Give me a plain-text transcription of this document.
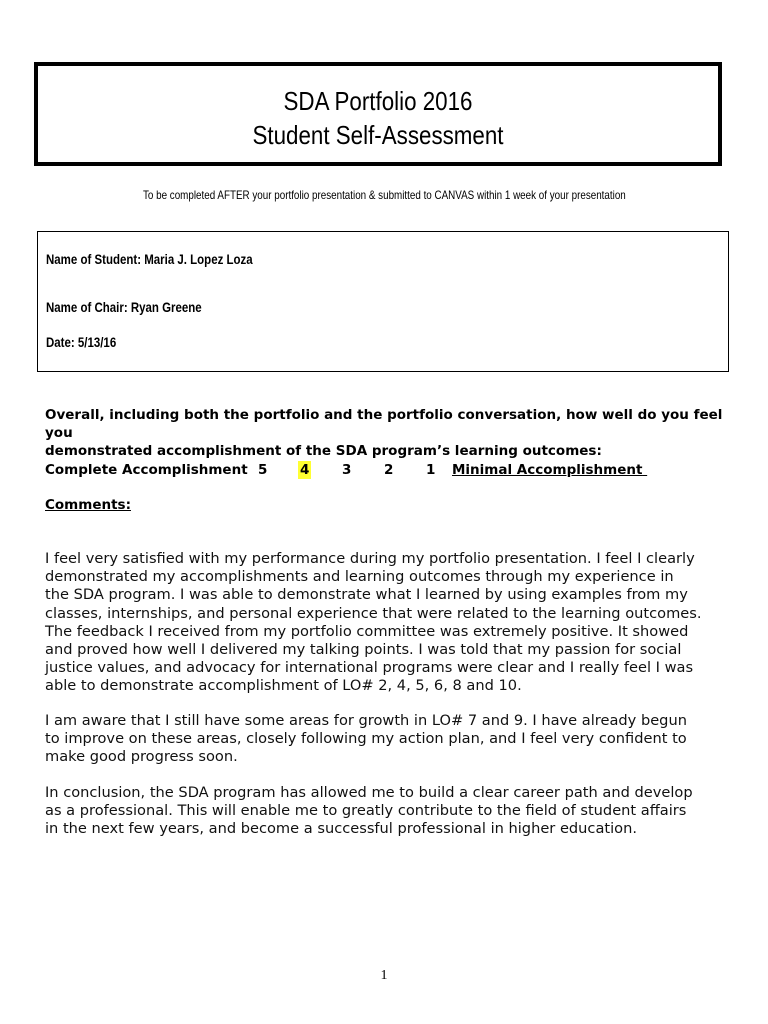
SDA Portfolio 2016
Student Self-Assessment
To be completed AFTER your portfolio presentation & submitted to CANVAS within 1 week of your presentation
Name of Student: Maria J. Lopez Loza
Name of Chair: Ryan Greene
Date: 5/13/16
Overall, including both the portfolio and the portfolio conversation, how well do you feel you
demonstrated accomplishment of the SDA program’s learning outcomes:
Complete Accomplishment 5 4 3 2 1 Minimal Accomplishment
Comments:
I feel very satisfied with my performance during my portfolio presentation. I feel I clearly
demonstrated my accomplishments and learning outcomes through my experience in
the SDA program. I was able to demonstrate what I learned by using examples from my
classes, internships, and personal experience that were related to the learning outcomes.
The feedback I received from my portfolio committee was extremely positive. It showed
and proved how well I delivered my talking points. I was told that my passion for social
justice values, and advocacy for international programs were clear and I really feel I was
able to demonstrate accomplishment of LO# 2, 4, 5, 6, 8 and 10.
I am aware that I still have some areas for growth in LO# 7 and 9. I have already begun
to improve on these areas, closely following my action plan, and I feel very confident to
make good progress soon.
In conclusion, the SDA program has allowed me to build a clear career path and develop
as a professional. This will enable me to greatly contribute to the field of student affairs
in the next few years, and become a successful professional in higher education.
1
